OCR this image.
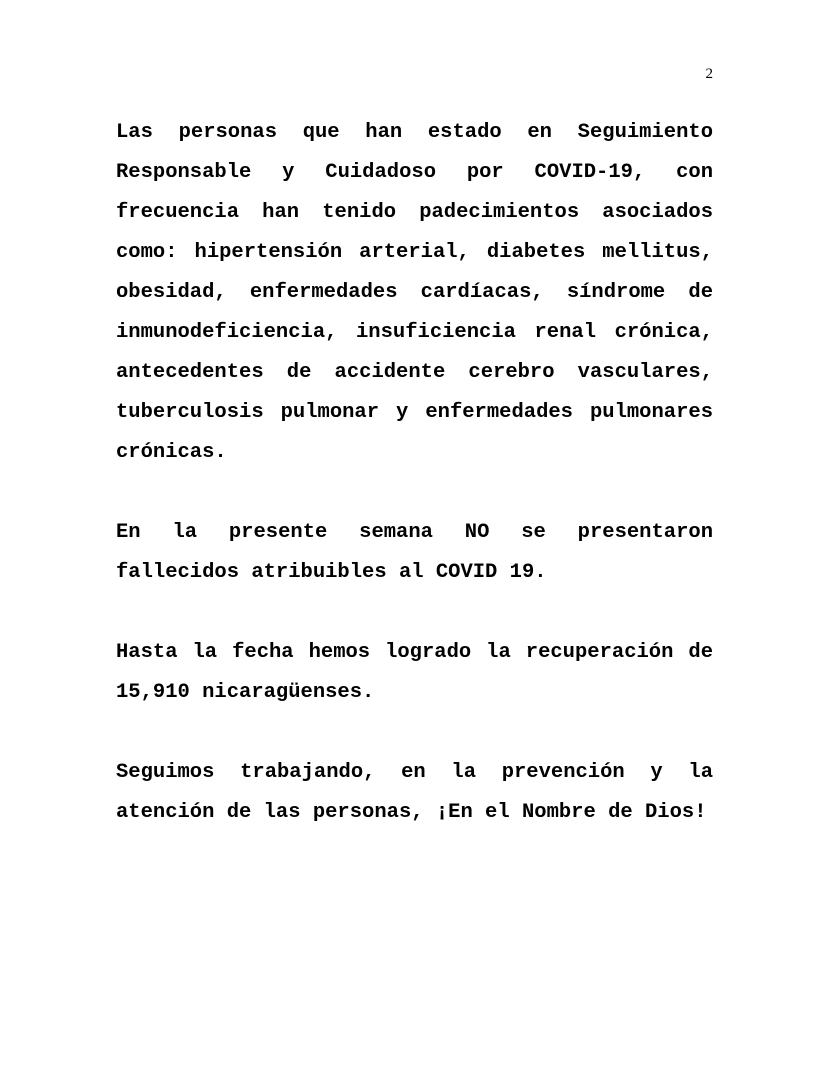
2

Las personas que han estado en Seguimiento Responsable y Cuidadoso por COVID-19, con frecuencia han tenido padecimientos asociados como: hipertensión arterial, diabetes mellitus, obesidad, enfermedades cardíacas, síndrome de inmunodeficiencia, insuficiencia renal crónica, antecedentes de accidente cerebro vasculares, tuberculosis pulmonar y enfermedades pulmonares crónicas.

En la presente semana NO se presentaron fallecidos atribuibles al COVID 19.

Hasta la fecha hemos logrado la recuperación de 15,910 nicaragüenses.

Seguimos trabajando, en la prevención y la atención de las personas, ¡En el Nombre de Dios!
